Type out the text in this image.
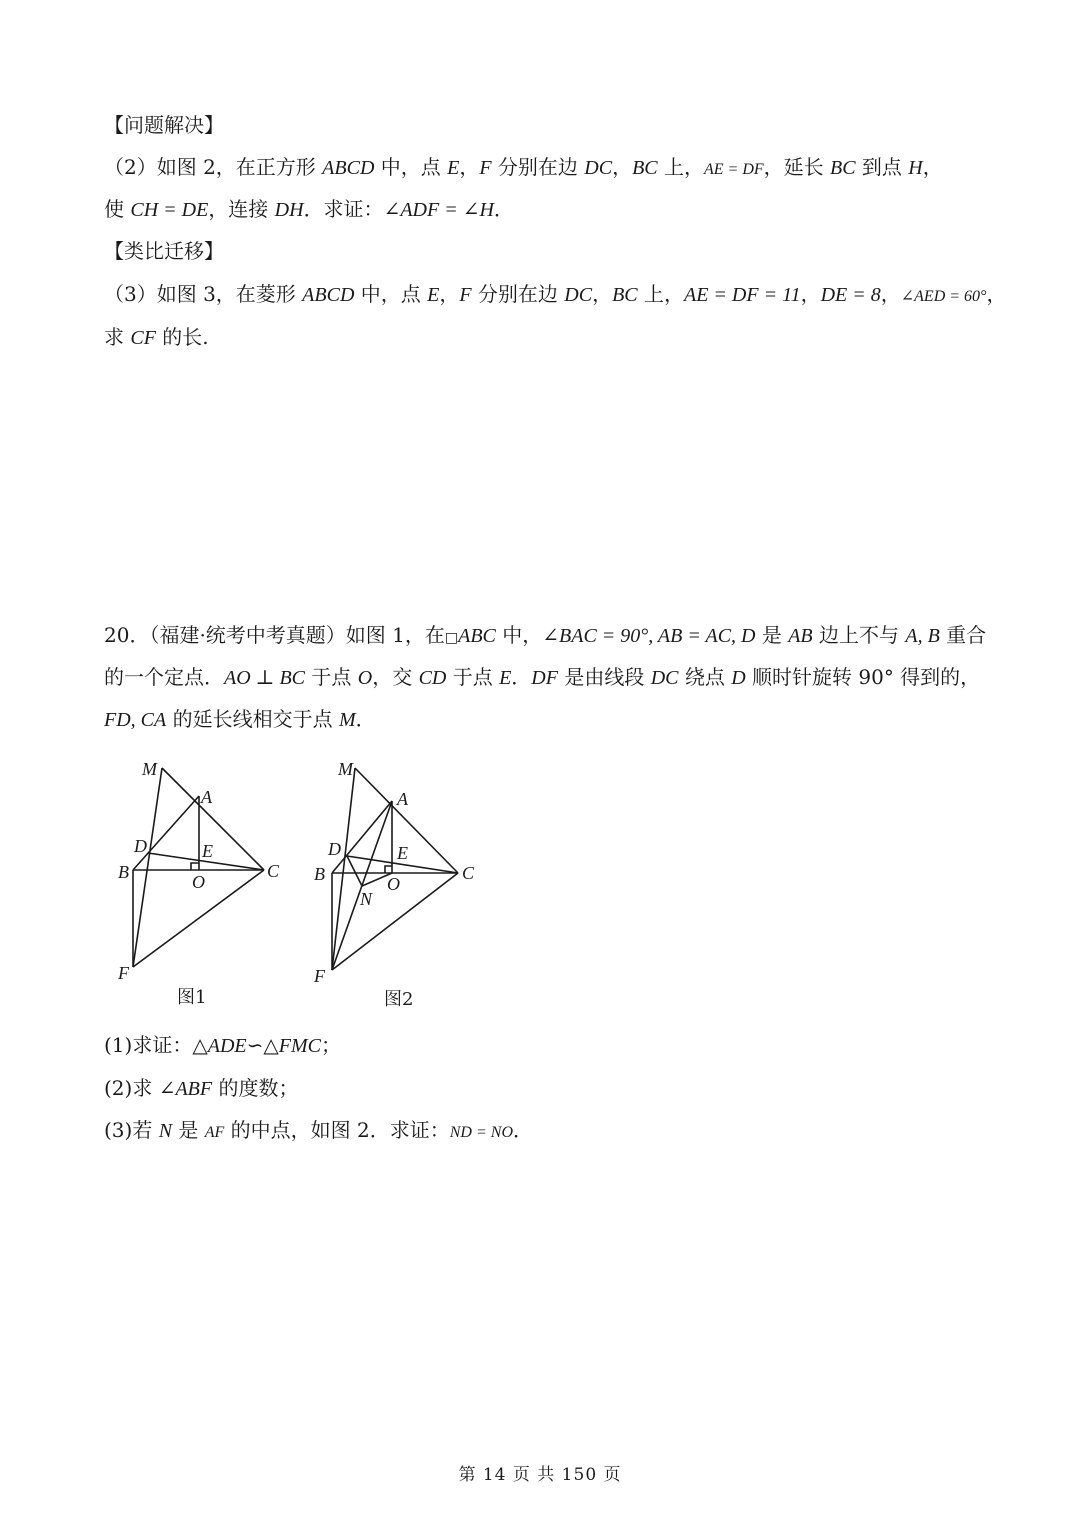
【问题解决】
（2）如图 2，在正方形 ABCD 中，点 E，F 分别在边 DC，BC 上，AE = DF，延长 BC 到点 H，
使 CH = DE，连接 DH．求证：∠ADF = ∠H．
【类比迁移】
（3）如图 3，在菱形 ABCD 中，点 E，F 分别在边 DC，BC 上，AE = DF = 11，DE = 8，∠AED = 60°，
求 CF 的长.
20．（福建·统考中考真题）如图 1，在□ABC 中，∠BAC = 90°, AB = AC, D 是 AB 边上不与 A, B 重合
的一个定点．AO ⊥ BC 于点 O，交 CD 于点 E．DF 是由线段 DC 绕点 D 顺时针旋转 90° 得到的，
FD, CA 的延长线相交于点 M．
M
A
D	E
B	O
C
F
图1
M
A
D	E
B	O
C
N
F
图2
(1)求证：△ADE∽△FMC；
(2)求 ∠ABF 的度数；
(3)若 N 是 AF 的中点，如图 2．求证：ND = NO．
第 14 页 共 150 页
